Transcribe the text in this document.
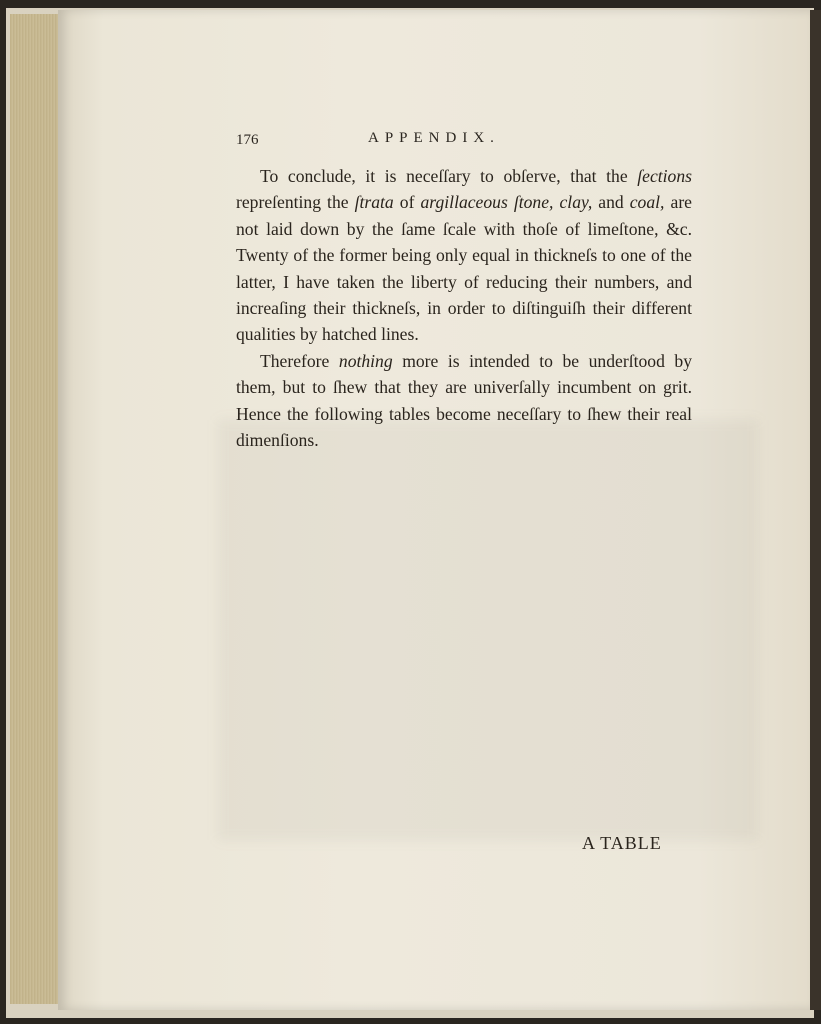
176	APPENDIX.

To conclude, it is neceſſary to obſerve, that the ſections repreſenting the ſtrata of argillaceous ſtone, clay, and coal, are not laid down by the ſame ſcale with thoſe of limeſtone, &c. Twenty of the former being only equal in thickneſs to one of the latter, I have taken the liberty of reducing their numbers, and increaſing their thickneſs, in order to diſtinguiſh their different qualities by hatched lines.

Therefore nothing more is intended to be underſtood by them, but to ſhew that they are univerſally incumbent on grit. Hence the following tables become neceſſary to ſhew their real dimenſions.

A TABLE
